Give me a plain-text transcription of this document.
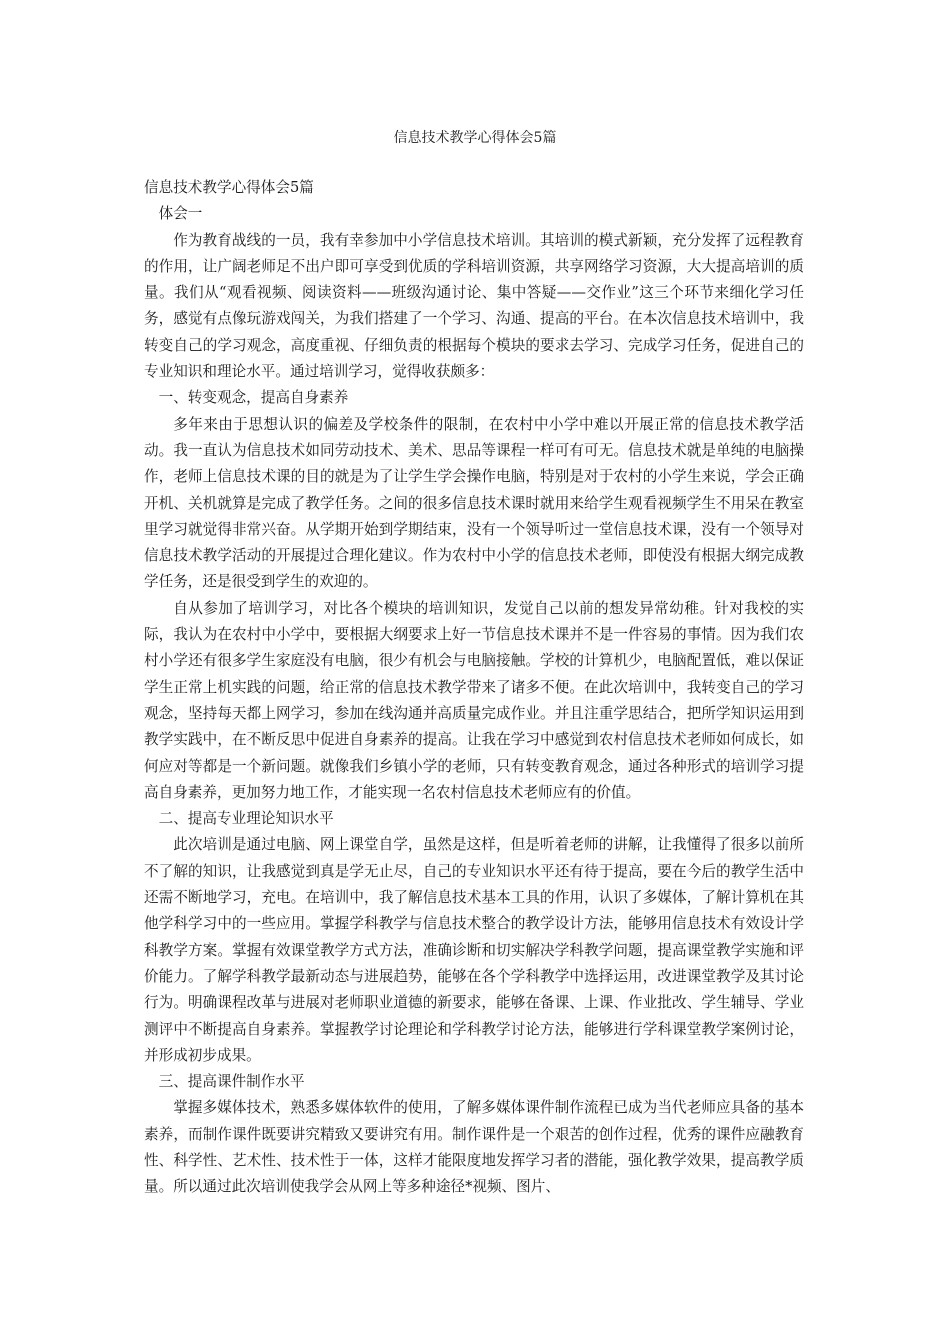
信息技术教学心得体会5篇

信息技术教学心得体会5篇

体会一

作为教育战线的一员，我有幸参加中小学信息技术培训。其培训的模式新颖，充分发挥了远程教育的作用，让广阔老师足不出户即可享受到优质的学科培训资源，共享网络学习资源，大大提高培训的质量。我们从“观看视频、阅读资料——班级沟通讨论、集中答疑——交作业”这三个环节来细化学习任务，感觉有点像玩游戏闯关，为我们搭建了一个学习、沟通、提高的平台。在本次信息技术培训中，我转变自己的学习观念，高度重视、仔细负责的根据每个模块的要求去学习、完成学习任务，促进自己的专业知识和理论水平。通过培训学习，觉得收获颇多：

一、转变观念，提高自身素养

多年来由于思想认识的偏差及学校条件的限制，在农村中小学中难以开展正常的信息技术教学活动。我一直认为信息技术如同劳动技术、美术、思品等课程一样可有可无。信息技术就是单纯的电脑操作，老师上信息技术课的目的就是为了让学生学会操作电脑，特别是对于农村的小学生来说，学会正确开机、关机就算是完成了教学任务。之间的很多信息技术课时就用来给学生观看视频学生不用呆在教室里学习就觉得非常兴奋。从学期开始到学期结束，没有一个领导听过一堂信息技术课，没有一个领导对信息技术教学活动的开展提过合理化建议。作为农村中小学的信息技术老师，即使没有根据大纲完成教学任务，还是很受到学生的欢迎的。

自从参加了培训学习，对比各个模块的培训知识，发觉自己以前的想发异常幼稚。针对我校的实际，我认为在农村中小学中，要根据大纲要求上好一节信息技术课并不是一件容易的事情。因为我们农村小学还有很多学生家庭没有电脑，很少有机会与电脑接触。学校的计算机少，电脑配置低，难以保证学生正常上机实践的问题，给正常的信息技术教学带来了诸多不便。在此次培训中，我转变自己的学习观念，坚持每天都上网学习，参加在线沟通并高质量完成作业。并且注重学思结合，把所学知识运用到教学实践中，在不断反思中促进自身素养的提高。让我在学习中感觉到农村信息技术老师如何成长，如何应对等都是一个新问题。就像我们乡镇小学的老师，只有转变教育观念，通过各种形式的培训学习提高自身素养，更加努力地工作，才能实现一名农村信息技术老师应有的价值。

二、提高专业理论知识水平

此次培训是通过电脑、网上课堂自学，虽然是这样，但是听着老师的讲解，让我懂得了很多以前所不了解的知识，让我感觉到真是学无止尽，自己的专业知识水平还有待于提高，要在今后的教学生活中还需不断地学习，充电。在培训中，我了解信息技术基本工具的作用，认识了多媒体，了解计算机在其他学科学习中的一些应用。掌握学科教学与信息技术整合的教学设计方法，能够用信息技术有效设计学科教学方案。掌握有效课堂教学方式方法，准确诊断和切实解决学科教学问题，提高课堂教学实施和评价能力。了解学科教学最新动态与进展趋势，能够在各个学科教学中选择运用，改进课堂教学及其讨论行为。明确课程改革与进展对老师职业道德的新要求，能够在备课、上课、作业批改、学生辅导、学业测评中不断提高自身素养。掌握教学讨论理论和学科教学讨论方法，能够进行学科课堂教学案例讨论，并形成初步成果。

三、提高课件制作水平

掌握多媒体技术，熟悉多媒体软件的使用，了解多媒体课件制作流程已成为当代老师应具备的基本素养，而制作课件既要讲究精致又要讲究有用。制作课件是一个艰苦的创作过程，优秀的课件应融教育性、科学性、艺术性、技术性于一体，这样才能限度地发挥学习者的潜能，强化教学效果，提高教学质量。所以通过此次培训使我学会从网上等多种途径*视频、图片、
